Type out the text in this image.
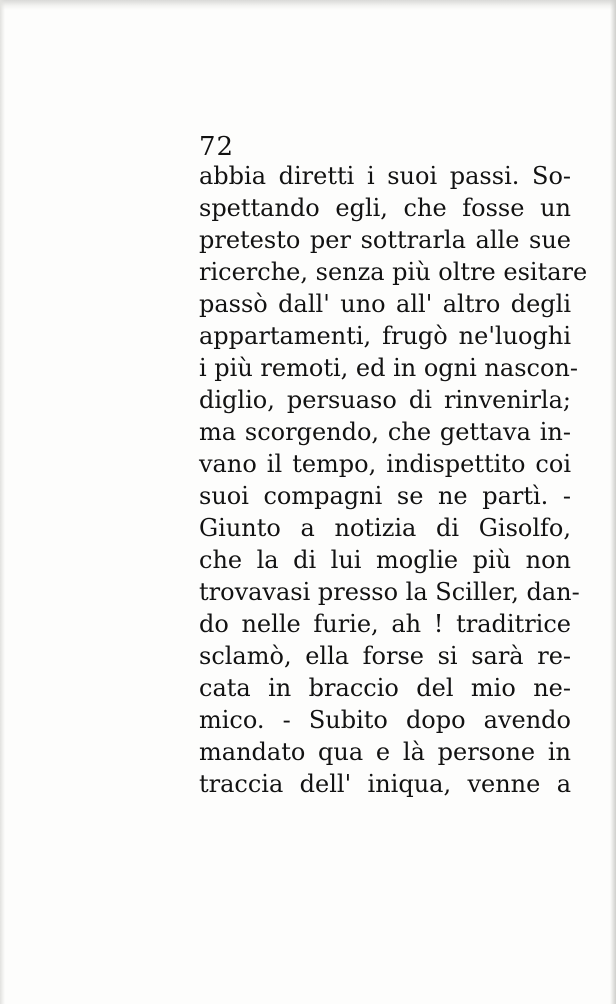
72
abbia diretti i suoi passi. So-
spettando egli, che fosse un
pretesto per sottrarla alle sue
ricerche, senza più oltre esitare
passò dall' uno all' altro degli
appartamenti, frugò ne'luoghi
i più remoti, ed in ogni nascon-
diglio, persuaso di rinvenirla;
ma scorgendo, che gettava in-
vano il tempo, indispettito coi
suoi compagni se ne partì. -
Giunto a notizia di Gisolfo,
che la di lui moglie più non
trovavasi presso la Sciller, dan-
do nelle furie, ah ! traditrice
sclamò, ella forse si sarà re-
cata in braccio del mio ne-
mico. - Subito dopo avendo
mandato qua e là persone in
traccia dell' iniqua, venne a
